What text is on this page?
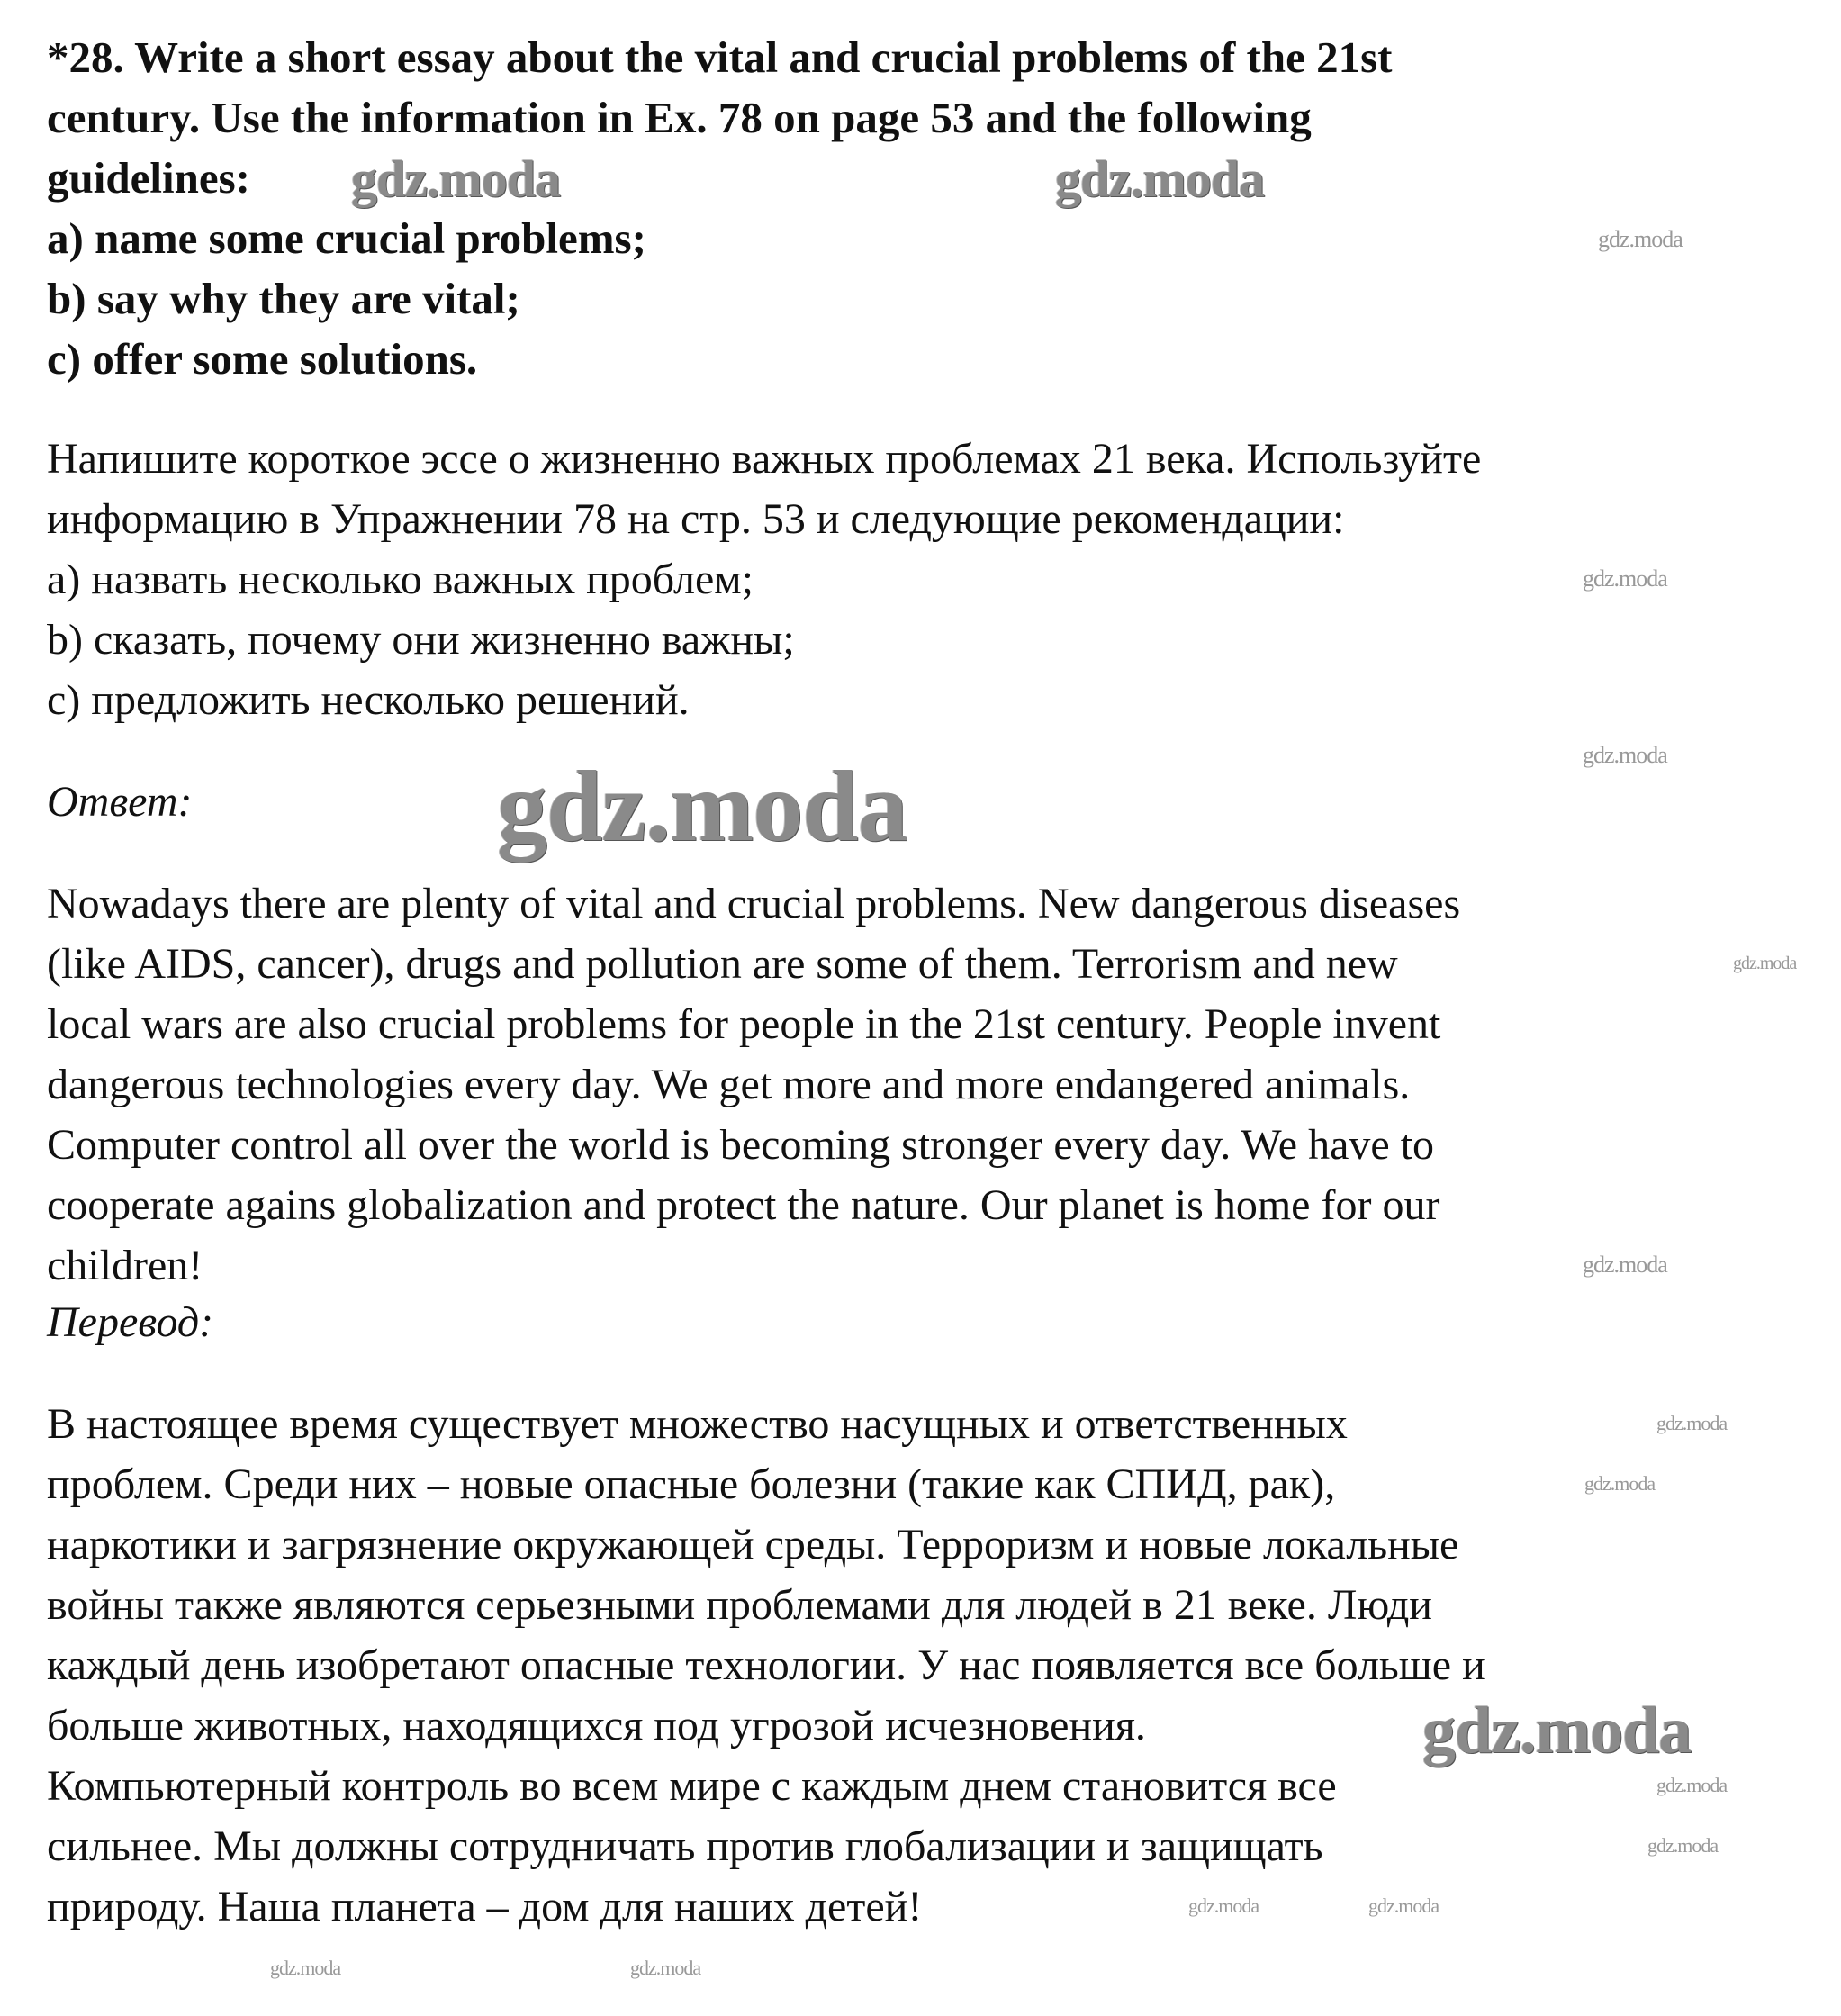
*28. Write a short essay about the vital and crucial problems of the 21st
century. Use the information in Ex. 78 on page 53 and the following
guidelines:
a) name some crucial problems;
b) say why they are vital;
c) offer some solutions.
Напишите короткое эссе о жизненно важных проблемах 21 века. Используйте
информацию в Упражнении 78 на стр. 53 и следующие рекомендации:
а) назвать несколько важных проблем;
b) сказать, почему они жизненно важны;
c) предложить несколько решений.
Ответ:
Nowadays there are plenty of vital and crucial problems. New dangerous diseases
(like AIDS, cancer), drugs and pollution are some of them. Terrorism and new
local wars are also crucial problems for people in the 21st century. People invent
dangerous technologies every day. We get more and more endangered animals.
Computer control all over the world is becoming stronger every day. We have to
cooperate agains globalization and protect the nature. Our planet is home for our
children!
Перевод:
В настоящее время существует множество насущных и ответственных
проблем. Среди них – новые опасные болезни (такие как СПИД, рак),
наркотики и загрязнение окружающей среды. Терроризм и новые локальные
войны также являются серьезными проблемами для людей в 21 веке. Люди
каждый день изобретают опасные технологии. У нас появляется все больше и
больше животных, находящихся под угрозой исчезновения.
Компьютерный контроль во всем мире с каждым днем становится все
сильнее. Мы должны сотрудничать против глобализации и защищать
природу. Наша планета – дом для наших детей!
gdz.moda	gdz.moda
gdz.moda
gdz.moda
gdz.moda
gdz.moda
gdz.moda
gdz.moda
gdz.moda
gdz.moda
gdz.moda
gdz.moda
gdz.moda
gdz.moda
gdz.moda
gdz.moda	gdz.moda
